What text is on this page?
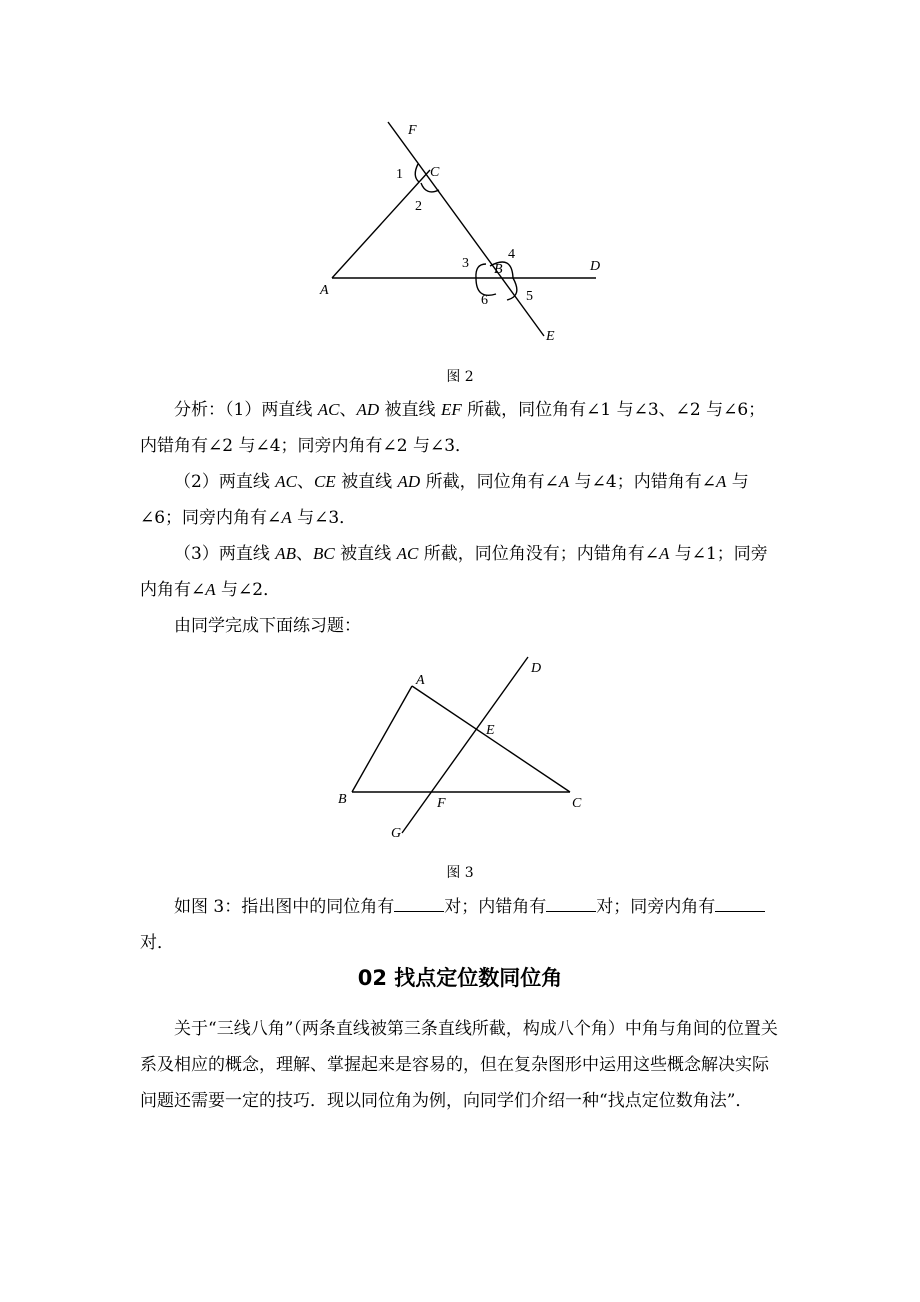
F
C
A
B	D
E
1
2
3
4
5
6
图 2

分析：（1）两直线 AC、AD 被直线 EF 所截，同位角有∠1 与∠3、∠2 与∠6；内错角有∠2 与∠4；同旁内角有∠2 与∠3．

（2）两直线 AC、CE 被直线 AD 所截，同位角有∠A 与∠4；内错角有∠A 与∠6；同旁内角有∠A 与∠3．

（3）两直线 AB、BC 被直线 AC 所截，同位角没有；内错角有∠A 与∠1；同旁内角有∠A 与∠2．

由同学完成下面练习题：

A
D
E
B	F	C
G
图 3

如图 3：指出图中的同位角有	对；内错角有	对；同旁内角有对．

02 找点定位数同位角

关于“三线八角”（两条直线被第三条直线所截，构成八个角）中角与角间的位置关系及相应的概念，理解、掌握起来是容易的，但在复杂图形中运用这些概念解决实际问题还需要一定的技巧．现以同位角为例，向同学们介绍一种“找点定位数角法”．
